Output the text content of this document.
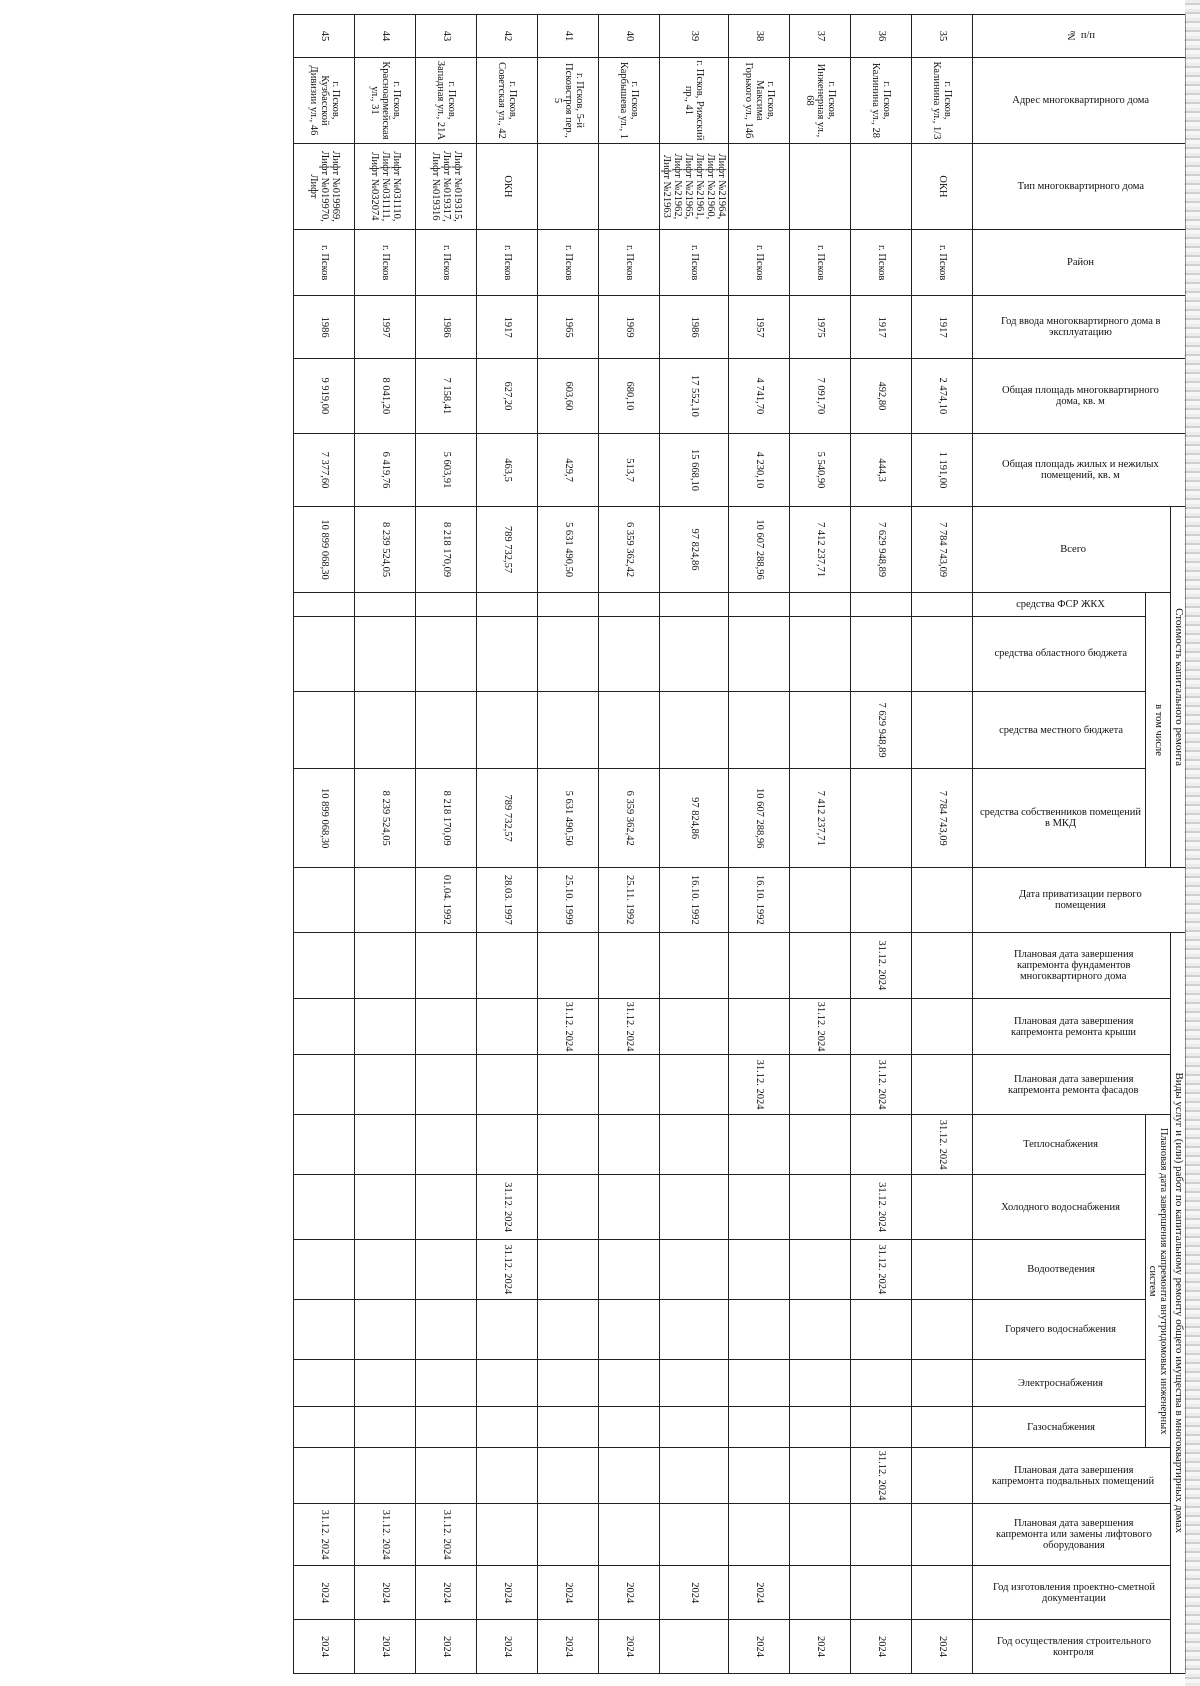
№ п/п	Адрес многоквартирного дома	Тип многоквартирного дома	Район	Год ввода многоквартирного дома в эксплуатацию	Общая площадь многоквартирного дома, кв. м	Общая площадь жилых и нежилых помещений, кв. м	Стоимость капитального ремонта					Дата приватизации первого помещения	Виды услуг и (или) работ по капитальному ремонту общего имущества в многоквартирных домах												
							Всего	в том числе					Плановая дата завершения капремонта фундаментов многоквартирного дома	Плановая дата завершения капремонта ремонта крыши	Плановая дата завершения капремонта ремонта фасадов	Плановая дата завершения капремонта внутридомовых инженерных систем						Плановая дата завершения капремонта подвальных помещений	Плановая дата завершения капремонта или замены лифтового оборудования	Год изготовления проектно-сметной документации	Год осуществления строительного контроля
								средства ФСР ЖКХ	средства областного бюджета	средства местного бюджета	средства собственников помещений в МКД					Теплоснабжения	Холодного водоснабжения	Водоотведения	Горячего водоснабжения	Электроснабжения	Газоснабжения				
35	г. Псков, Калинина ул., 1/3	ОКН	г. Псков	1917	2 474,10	1 191,00	7 784 743,09				7 784 743,09					31.12. 2024									2024
36	г. Псков, Калинина ул., 28		г. Псков	1917	492,80	444,3	7 629 948,89			7 629 948,89			31.12. 2024		31.12. 2024		31.12. 2024	31.12. 2024				31.12. 2024			2024
37	г. Псков, Инженерная ул., 68		г. Псков	1975	7 091,70	5 540,90	7 412 237,71				7 412 237,71			31.12. 2024											2024
38	г. Псков, Максима Горького ул., 14б		г. Псков	1957	4 741,70	4 230,10	10 607 288,96				10 607 288,96	16.10. 1992			31.12. 2024									2024	2024
39	г. Псков, Рижский пр., 41	Лифт №21964, Лифт №21960, Лифт №21961, Лифт №21965, Лифт №21962, Лифт №21963	г. Псков	1986	17 552,10	15 668,10	97 824,86				97 824,86	16.10. 1992												2024	
40	г. Псков, Карбышева ул., 1		г. Псков	1969	680,10	513,7	6 359 362,42				6 359 362,42	25.11. 1992		31.12. 2024										2024	2024
41	г. Псков, 5-й Псковстроя пер., 5		г. Псков	1965	603,60	429,7	5 631 490,50				5 631 490,50	25.10. 1999		31.12. 2024										2024	2024
42	г. Псков, Советская ул., 42	ОКН	г. Псков	1917	627,20	463,5	789 732,57				789 732,57	28.03. 1997					31.12. 2024	31.12. 2024						2024	2024
43	г. Псков, Западная ул., 21А	Лифт №019315, Лифт №019317, Лифт №019316	г. Псков	1986	7 158,41	5 603,91	8 218 170,09				8 218 170,09	01.04. 1992											31.12. 2024	2024	2024
44	г. Псков, Красноармейская ул., 31	Лифт №031110, Лифт №031111, Лифт №032074	г. Псков	1997	8 041,20	6 419,76	8 239 524,05				8 239 524,05												31.12. 2024	2024	2024
45	г. Псков, Кузбасской Дивизии ул., 46	Лифт №019969, Лифт №019970, Лифт	г. Псков	1986	9 919,00	7 377,60	10 899 068,30				10 899 068,30												31.12. 2024	2024	2024
